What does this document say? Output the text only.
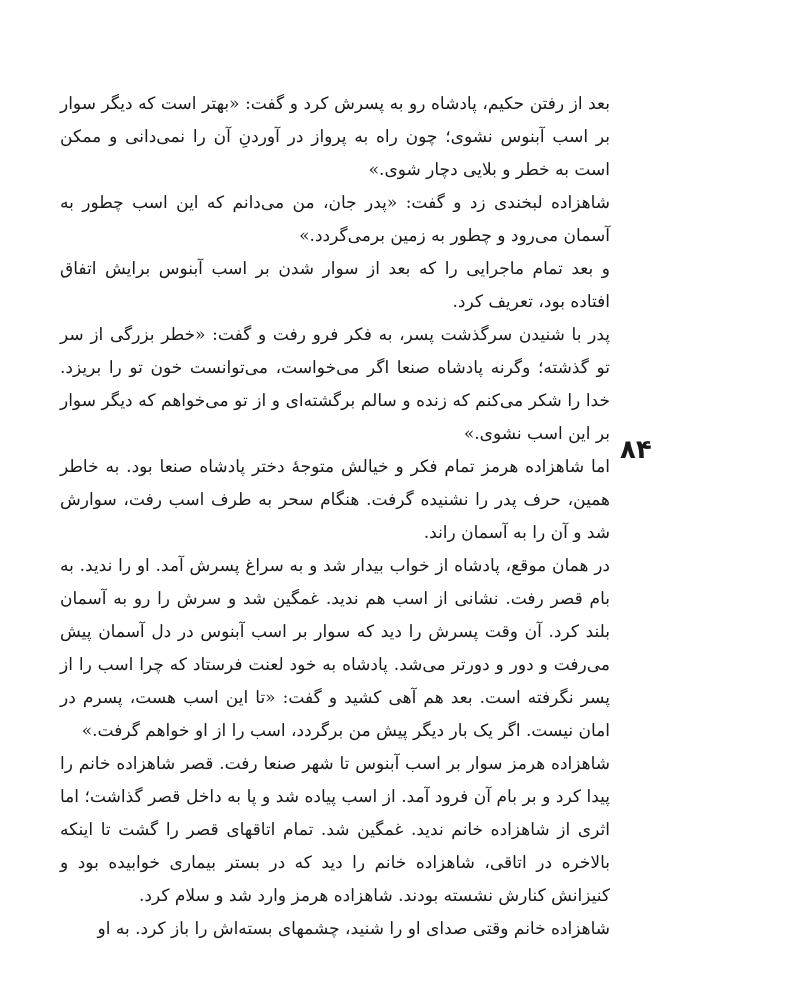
۸۴

بعد از رفتن حکیم، پادشاه رو به پسرش کرد و گفت: «بهتر است که دیگر سوار بر اسب آبنوس نشوی؛ چون راه به پرواز در آوردنِ آن را نمی‌دانی و ممکن است به خطر و بلایی دچار شوی.»

شاهزاده لبخندی زد و گفت: «پدر جان، من می‌دانم که این اسب چطور به آسمان می‌رود و چطور به زمین برمی‌گردد.»

و بعد تمام ماجرایی را که بعد از سوار شدن بر اسب آبنوس برایش اتفاق افتاده بود، تعریف کرد.

پدر با شنیدن سرگذشت پسر، به فکر فرو رفت و گفت: «خطر بزرگی از سر تو گذشته؛ وگرنه پادشاه صنعا اگر می‌خواست، می‌توانست خون تو را بریزد. خدا را شکر می‌کنم که زنده و سالم برگشته‌ای و از تو می‌خواهم که دیگر سوار بر این اسب نشوی.»

اما شاهزاده هرمز تمام فکر و خیالش متوجهٔ دختر پادشاه صنعا بود. به خاطر همین، حرف پدر را نشنیده گرفت. هنگام سحر به طرف اسب رفت، سوارش شد و آن را به آسمان راند.

در همان موقع، پادشاه از خواب بیدار شد و به سراغ پسرش آمد. او را ندید. به بام قصر رفت. نشانی از اسب هم ندید. غمگین شد و سرش را رو به آسمان بلند کرد. آن وقت پسرش را دید که سوار بر اسب آبنوس در دل آسمان پیش می‌رفت و دور و دورتر می‌شد. پادشاه به خود لعنت فرستاد که چرا اسب را از پسر نگرفته است. بعد هم آهی کشید و گفت: «تا این اسب هست، پسرم در امان نیست. اگر یک بار دیگر پیش من برگردد، اسب را از او خواهم گرفت.»

شاهزاده هرمز سوار بر اسب آبنوس تا شهر صنعا رفت. قصر شاهزاده خانم را پیدا کرد و بر بام آن فرود آمد. از اسب پیاده شد و پا به داخل قصر گذاشت؛ اما اثری از شاهزاده خانم ندید. غمگین شد. تمام اتاقهای قصر را گشت تا اینکه بالاخره در اتاقی، شاهزاده خانم را دید که در بستر بیماری خوابیده بود و کنیزانش کنارش نشسته بودند. شاهزاده هرمز وارد شد و سلام کرد.

شاهزاده خانم وقتی صدای او را شنید، چشمهای بسته‌اش را باز کرد. به او
